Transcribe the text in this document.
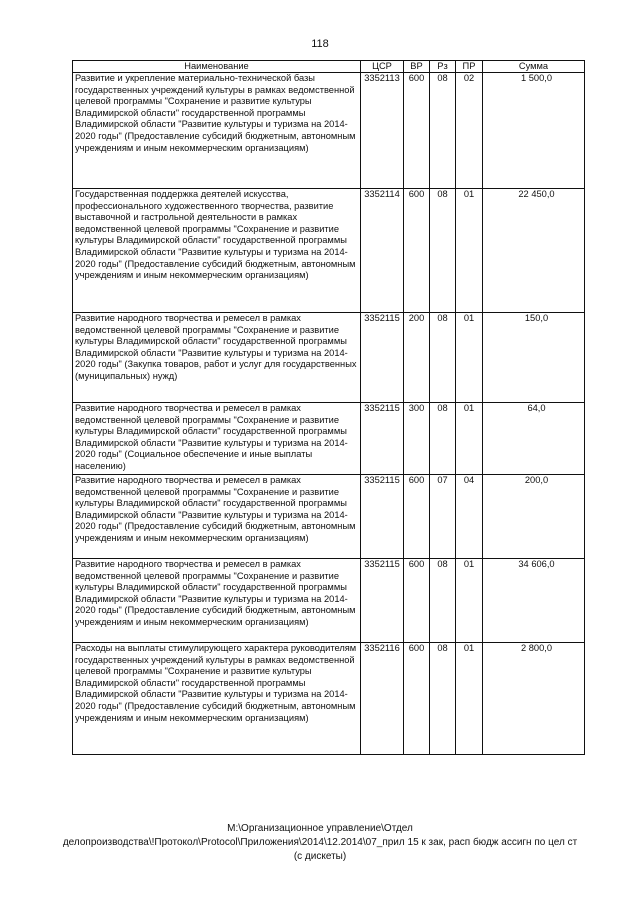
118
Наименование	ЦСР	ВР	Рз	ПР	Сумма
Развитие и укрепление материально-технической базы государственных учреждений культуры в рамках ведомственной целевой программы "Сохранение и развитие культуры Владимирской области" государственной программы Владимирской области "Развитие культуры и туризма на 2014-2020 годы" (Предоставление субсидий бюджетным, автономным учреждениям и иным некоммерческим организациям)	3352113	600	08	02	1 500,0
Государственная поддержка деятелей искусства, профессионального художественного творчества, развитие выставочной и гастрольной деятельности в рамках ведомственной целевой программы "Сохранение и развитие культуры Владимирской области" государственной программы Владимирской области "Развитие культуры и туризма на 2014-2020 годы" (Предоставление субсидий бюджетным, автономным учреждениям и иным некоммерческим организациям)	3352114	600	08	01	22 450,0
Развитие народного творчества и ремесел в рамках ведомственной целевой программы "Сохранение и развитие культуры Владимирской области" государственной программы Владимирской области "Развитие культуры и туризма на 2014-2020 годы" (Закупка товаров, работ и услуг для государственных (муниципальных) нужд)	3352115	200	08	01	150,0
Развитие народного творчества и ремесел в рамках ведомственной целевой программы "Сохранение и развитие культуры Владимирской области" государственной программы Владимирской области "Развитие культуры и туризма на 2014-2020 годы" (Социальное обеспечение и иные выплаты населению)	3352115	300	08	01	64,0
Развитие народного творчества и ремесел в рамках ведомственной целевой программы "Сохранение и развитие культуры Владимирской области" государственной программы Владимирской области "Развитие культуры и туризма на 2014-2020 годы" (Предоставление субсидий бюджетным, автономным учреждениям и иным некоммерческим организациям)	3352115	600	07	04	200,0
Развитие народного творчества и ремесел в рамках ведомственной целевой программы "Сохранение и развитие культуры Владимирской области" государственной программы Владимирской области "Развитие культуры и туризма на 2014-2020 годы" (Предоставление субсидий бюджетным, автономным учреждениям и иным некоммерческим организациям)	3352115	600	08	01	34 606,0
Расходы на выплаты стимулирующего характера руководителям государственных учреждений культуры в рамках ведомственной целевой программы "Сохранение и развитие культуры Владимирской области" государственной программы Владимирской области "Развитие культуры и туризма на 2014-2020 годы" (Предоставление субсидий бюджетным, автономным учреждениям и иным некоммерческим организациям)	3352116	600	08	01	2 800,0
М:\Организационное управление\Отдел
делопроизводства\!Протокол\Protocol\Приложения\2014\12.2014\07_прил 15 к зак, расп бюдж ассигн по цел ст
(с дискеты)
